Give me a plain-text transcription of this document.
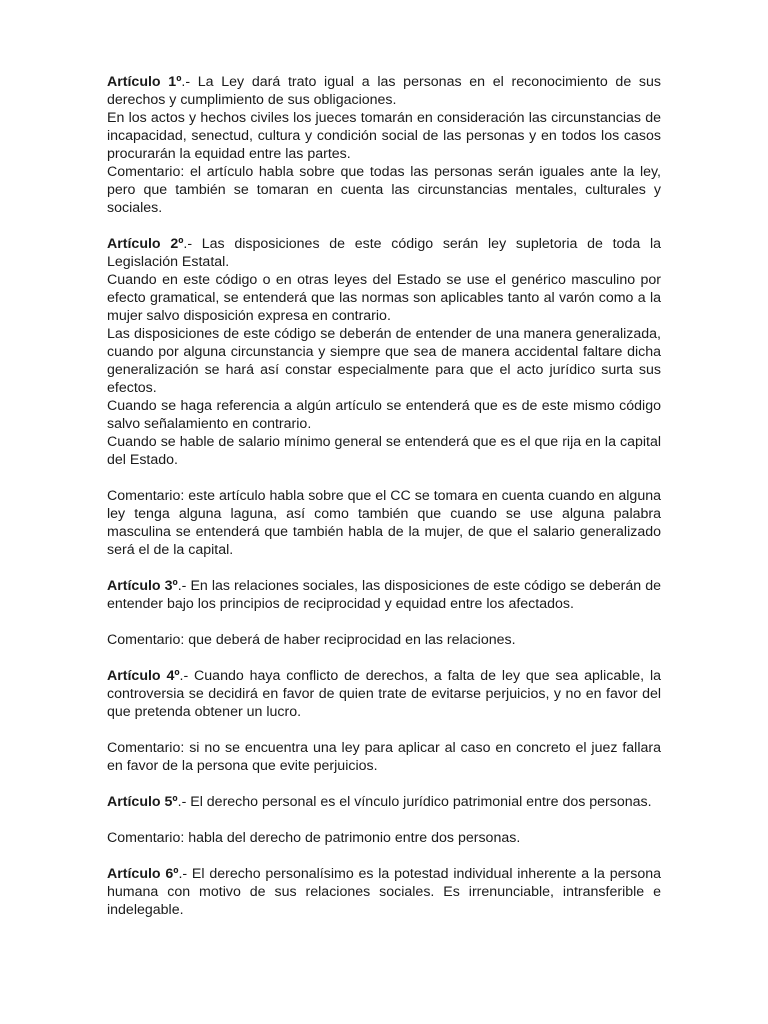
Artículo 1º.- La Ley dará trato igual a las personas en el reconocimiento de sus derechos y cumplimiento de sus obligaciones.

En los actos y hechos civiles los jueces tomarán en consideración las circunstancias de incapacidad, senectud, cultura y condición social de las personas y en todos los casos procurarán la equidad entre las partes.

Comentario: el artículo habla sobre que todas las personas serán iguales ante la ley, pero que también se tomaran en cuenta las circunstancias mentales, culturales y sociales.

Artículo 2º.- Las disposiciones de este código serán ley supletoria de toda la Legislación Estatal.

Cuando en este código o en otras leyes del Estado se use el genérico masculino por efecto gramatical, se entenderá que las normas son aplicables tanto al varón como a la mujer salvo disposición expresa en contrario.

Las disposiciones de este código se deberán de entender de una manera generalizada, cuando por alguna circunstancia y siempre que sea de manera accidental faltare dicha generalización se hará así constar especialmente para que el acto jurídico surta sus efectos.

Cuando se haga referencia a algún artículo se entenderá que es de este mismo código salvo señalamiento en contrario.

Cuando se hable de salario mínimo general se entenderá que es el que rija en la capital del Estado.

Comentario: este artículo habla sobre que el CC se tomara en cuenta cuando en alguna ley tenga alguna laguna, así como también que cuando se use alguna palabra masculina se entenderá que también habla de la mujer, de que el salario generalizado será el de la capital.

Artículo 3º.- En las relaciones sociales, las disposiciones de este código se deberán de entender bajo los principios de reciprocidad y equidad entre los afectados.

Comentario: que deberá de haber reciprocidad en las relaciones.

Artículo 4º.- Cuando haya conflicto de derechos, a falta de ley que sea aplicable, la controversia se decidirá en favor de quien trate de evitarse perjuicios, y no en favor del que pretenda obtener un lucro.

Comentario: si no se encuentra una ley para aplicar al caso en concreto el juez fallara en favor de la persona que evite perjuicios.

Artículo 5º.- El derecho personal es el vínculo jurídico patrimonial entre dos personas.

Comentario: habla del derecho de patrimonio entre dos personas.

Artículo 6º.- El derecho personalísimo es la potestad individual inherente a la persona humana con motivo de sus relaciones sociales. Es irrenunciable, intransferible e indelegable.
